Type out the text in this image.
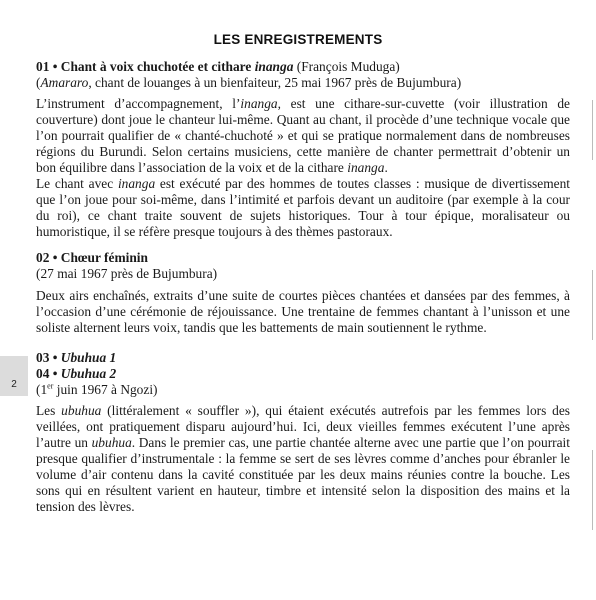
LES ENREGISTREMENTS
2
01 • Chant à voix chuchotée et cithare inanga (François Muduga)
(Amararo, chant de louanges à un bienfaiteur, 25 mai 1967 près de Bujumbura)

L’instrument d’accompagnement, l’inanga, est une cithare-sur-cuvette (voir illustration de couverture) dont joue le chanteur lui-même. Quant au chant, il procède d’une technique vocale que l’on pourrait qualifier de « chanté-chuchoté » et qui se pratique normalement dans de nombreuses régions du Burundi. Selon certains musiciens, cette manière de chanter permettrait d’obtenir un bon équilibre dans l’association de la voix et de la cithare inanga.

Le chant avec inanga est exécuté par des hommes de toutes classes : musique de divertissement que l’on joue pour soi-même, dans l’intimité et parfois devant un auditoire (par exemple à la cour du roi), ce chant traite souvent de sujets historiques. Tour à tour épique, moralisateur ou humoristique, il se réfère presque toujours à des thèmes pastoraux.

02 • Chœur féminin
(27 mai 1967 près de Bujumbura)

Deux airs enchaînés, extraits d’une suite de courtes pièces chantées et dansées par des femmes, à l’occasion d’une cérémonie de réjouissance. Une trentaine de femmes chantant à l’unisson et une soliste alternent leurs voix, tandis que les battements de main soutiennent le rythme.

03 • Ubuhua 1
04 • Ubuhua 2
(1er juin 1967 à Ngozi)

Les ubuhua (littéralement « souffler »), qui étaient exécutés autrefois par les femmes lors des veillées, ont pratiquement disparu aujourd’hui. Ici, deux vieilles femmes exécutent l’une après l’autre un ubuhua. Dans le premier cas, une partie chantée alterne avec une partie que l’on pourrait presque qualifier d’instrumentale : la femme se sert de ses lèvres comme d’anches pour ébranler le volume d’air contenu dans la cavité constituée par les deux mains réunies contre la bouche. Les sons qui en résultent varient en hauteur, timbre et intensité selon la disposition des mains et la tension des lèvres.
